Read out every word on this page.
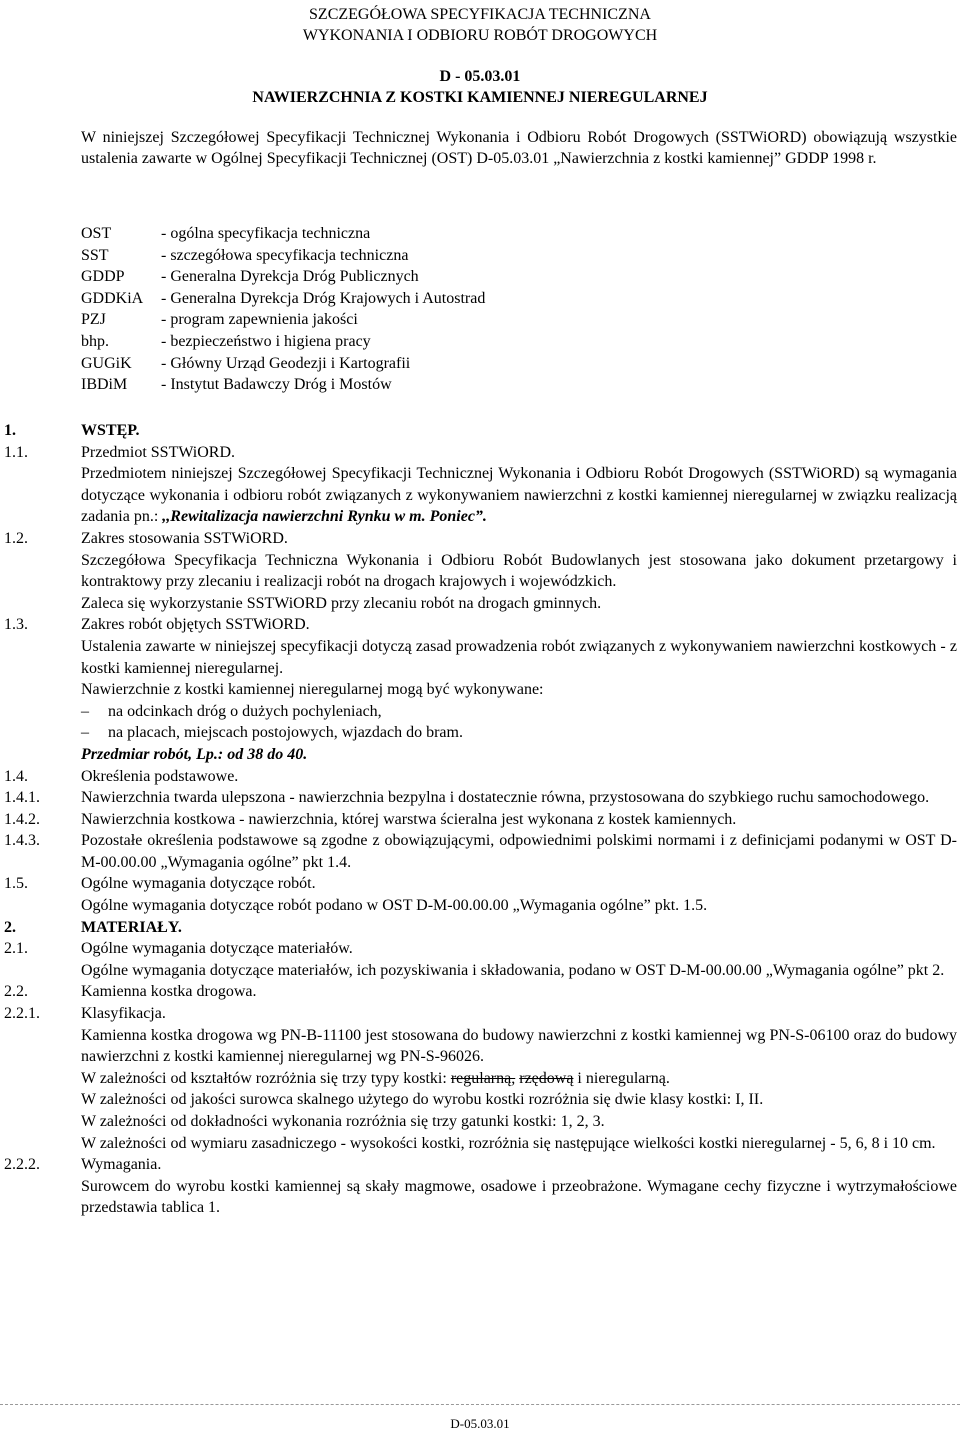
SZCZEGÓŁOWA SPECYFIKACJA TECHNICZNA
WYKONANIA I ODBIORU ROBÓT DROGOWYCH
D - 05.03.01
NAWIERZCHNIA Z KOSTKI KAMIENNEJ NIEREGULARNEJ
W niniejszej Szczegółowej Specyfikacji Technicznej Wykonania i Odbioru Robót Drogowych (SSTWiORD) obowiązują wszystkie ustalenia zawarte w Ogólnej Specyfikacji Technicznej (OST) D-05.03.01 „Nawierzchnia z kostki kamiennej” GDDP 1998 r.
OST	- ogólna specyfikacja techniczna
SST	- szczegółowa specyfikacja techniczna
GDDP	- Generalna Dyrekcja Dróg Publicznych
GDDKiA	- Generalna Dyrekcja Dróg Krajowych i Autostrad
PZJ	- program zapewnienia jakości
bhp.	- bezpieczeństwo i higiena pracy
GUGiK	- Główny Urząd Geodezji i Kartografii
IBDiM	- Instytut Badawczy Dróg i Mostów
1.	WSTĘP.
1.1.	Przedmiot SSTWiORD.
Przedmiotem niniejszej Szczegółowej Specyfikacji Technicznej Wykonania i Odbioru Robót Drogowych (SSTWiORD) są wymagania dotyczące wykonania i odbioru robót związanych z wykonywaniem nawierzchni z kostki kamiennej nieregularnej w związku realizacją zadania pn.: ,,Rewitalizacja nawierzchni Rynku w m. Poniec”.
1.2.	Zakres stosowania SSTWiORD.
Szczegółowa Specyfikacja Techniczna Wykonania i Odbioru Robót Budowlanych jest stosowana jako dokument przetargowy i kontraktowy przy zlecaniu i realizacji robót na drogach krajowych i wojewódzkich.
Zaleca się wykorzystanie SSTWiORD przy zlecaniu robót na drogach gminnych.
1.3.	Zakres robót objętych SSTWiORD.
Ustalenia zawarte w niniejszej specyfikacji dotyczą zasad prowadzenia robót związanych z wykonywaniem nawierzchni kostkowych - z kostki kamiennej nieregularnej.
Nawierzchnie z kostki kamiennej nieregularnej mogą być wykonywane:
–	na odcinkach dróg o dużych pochyleniach,
–	na placach, miejscach postojowych, wjazdach do bram.
Przedmiar robót, Lp.: od 38 do 40.
1.4.	Określenia podstawowe.
1.4.1.	Nawierzchnia twarda ulepszona - nawierzchnia bezpylna i dostatecznie równa, przystosowana do szybkiego ruchu samochodowego.
1.4.2.	Nawierzchnia kostkowa - nawierzchnia, której warstwa ścieralna jest wykonana z kostek kamiennych.
1.4.3.	Pozostałe określenia podstawowe są zgodne z obowiązującymi, odpowiednimi polskimi normami i z definicjami podanymi w OST D-M-00.00.00 „Wymagania ogólne” pkt 1.4.
1.5.	Ogólne wymagania dotyczące robót.
Ogólne wymagania dotyczące robót podano w OST D-M-00.00.00 „Wymagania ogólne” pkt. 1.5.
2.	MATERIAŁY.
2.1.	Ogólne wymagania dotyczące materiałów.
Ogólne wymagania dotyczące materiałów, ich pozyskiwania i składowania, podano w OST D-M-00.00.00 „Wymagania ogólne” pkt 2.
2.2.	Kamienna kostka drogowa.
2.2.1.	Klasyfikacja.
Kamienna kostka drogowa wg PN-B-11100 jest stosowana do budowy nawierzchni z kostki kamiennej wg PN-S-06100 oraz do budowy nawierzchni z kostki kamiennej nieregularnej wg PN-S-96026.
W zależności od kształtów rozróżnia się trzy typy kostki: regularną, rzędową i nieregularną.
W zależności od jakości surowca skalnego użytego do wyrobu kostki rozróżnia się dwie klasy kostki: I, II.
W zależności od dokładności wykonania rozróżnia się trzy gatunki kostki: 1, 2, 3.
W zależności od wymiaru zasadniczego - wysokości kostki, rozróżnia się następujące wielkości kostki nieregularnej - 5, 6, 8 i 10 cm.
2.2.2.	Wymagania.
Surowcem do wyrobu kostki kamiennej są skały magmowe, osadowe i przeobrażone. Wymagane cechy fizyczne i wytrzymałościowe przedstawia tablica 1.
D-05.03.01
